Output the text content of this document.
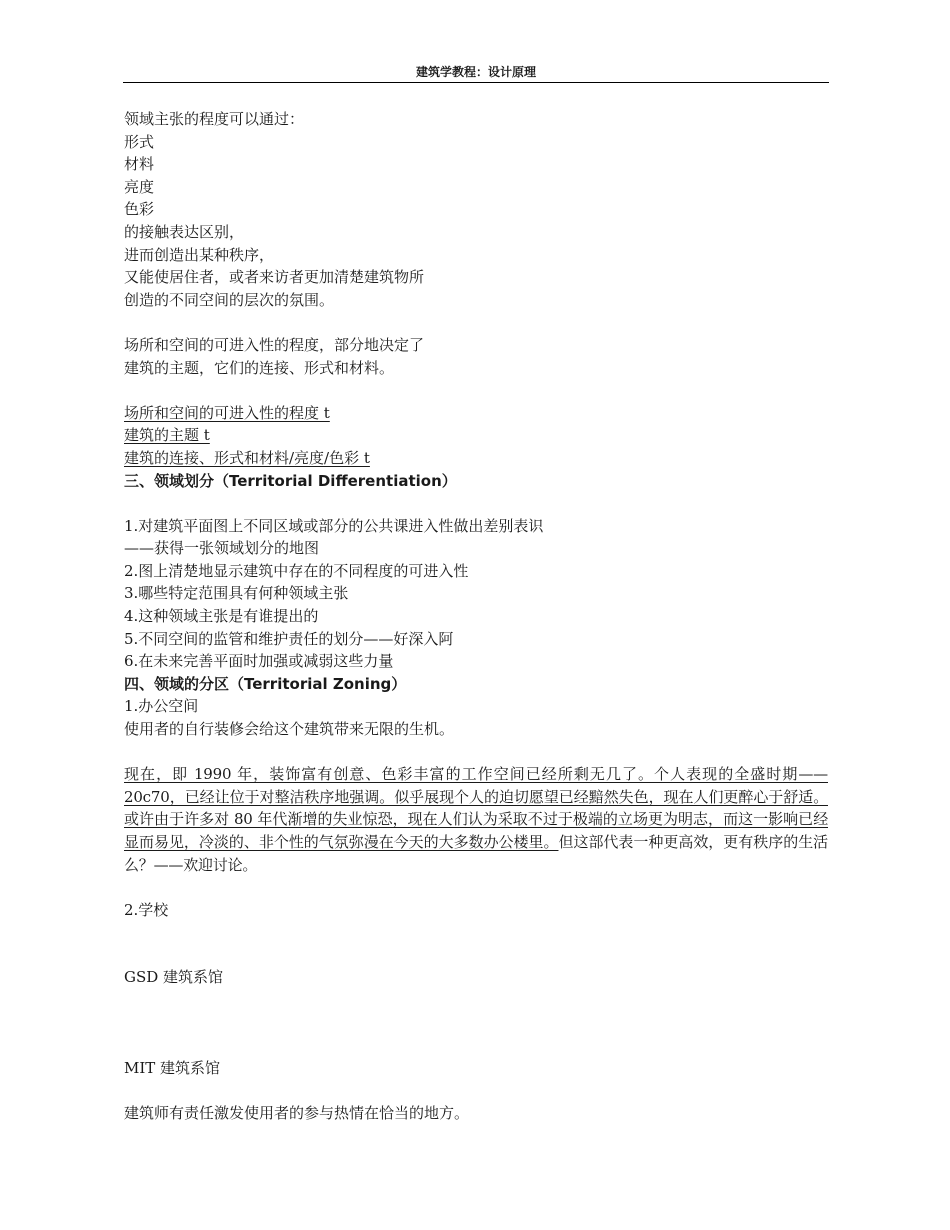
建筑学教程：设计原理
领域主张的程度可以通过：
形式
材料
亮度
色彩
的接触表达区别，
进而创造出某种秩序，
又能使居住者，或者来访者更加清楚建筑物所
创造的不同空间的层次的氛围。
场所和空间的可进入性的程度，部分地决定了
建筑的主题，它们的连接、形式和材料。
场所和空间的可进入性的程度 t
建筑的主题 t
建筑的连接、形式和材料/亮度/色彩 t
三、领域划分（Territorial Differentiation）
1.对建筑平面图上不同区域或部分的公共课进入性做出差别表识
——获得一张领域划分的地图
2.图上清楚地显示建筑中存在的不同程度的可进入性
3.哪些特定范围具有何种领域主张
4.这种领域主张是有谁提出的
5.不同空间的监管和维护责任的划分——好深入阿
6.在未来完善平面时加强或减弱这些力量
四、领域的分区（Territorial Zoning）
1.办公空间
使用者的自行装修会给这个建筑带来无限的生机。
现在，即 1990 年，装饰富有创意、色彩丰富的工作空间已经所剩无几了。个人表现的全盛时期——20c70，已经让位于对整洁秩序地强调。似乎展现个人的迫切愿望已经黯然失色，现在人们更醉心于舒适。或许由于许多对 80 年代渐增的失业惊恐，现在人们认为采取不过于极端的立场更为明志，而这一影响已经显而易见，冷淡的、非个性的气氛弥漫在今天的大多数办公楼里。但这部代表一种更高效，更有秩序的生活么？——欢迎讨论。
2.学校
GSD 建筑系馆
MIT 建筑系馆
建筑师有责任激发使用者的参与热情在恰当的地方。
